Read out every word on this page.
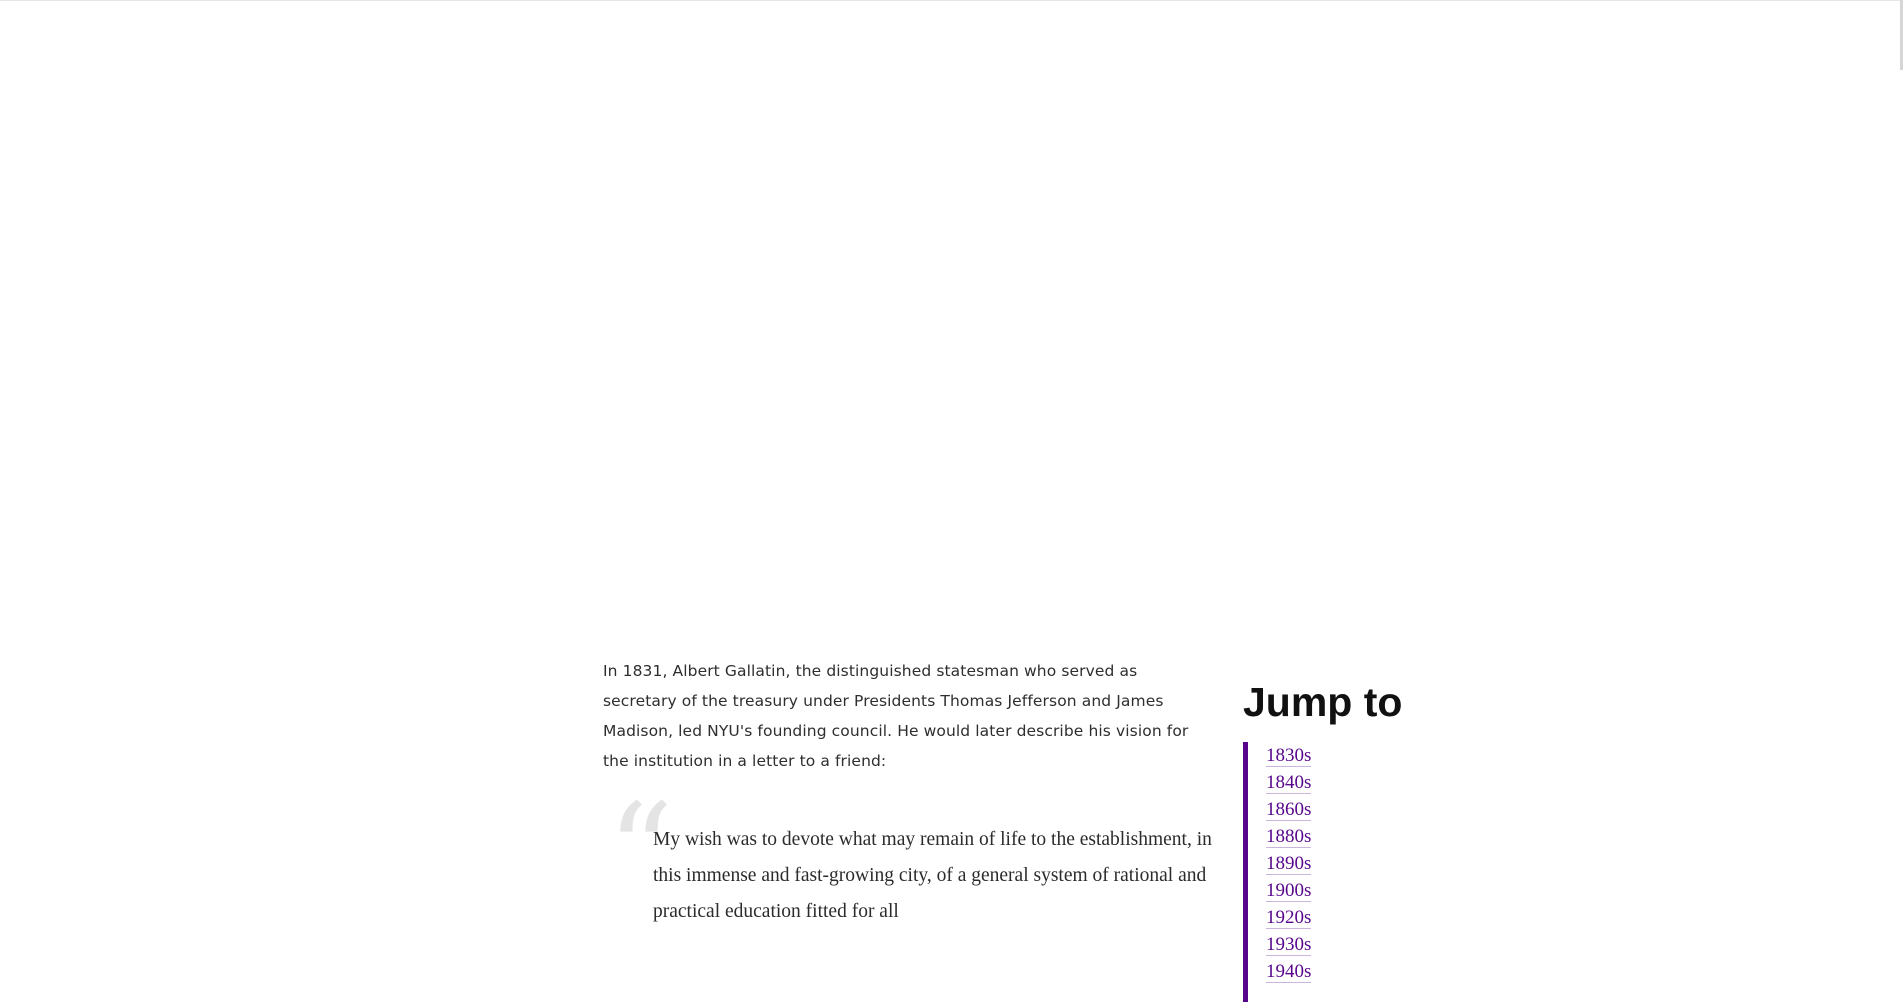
In 1831, Albert Gallatin, the distinguished statesman who served as secretary of the treasury under Presidents Thomas Jefferson and James Madison, led NYU's founding council. He would later describe his vision for the institution in a letter to a friend:

“

My wish was to devote what may remain of life to the establishment, in this immense and fast-growing city, of a general system of rational and practical education fitted for all

Jump to
1830s
1840s
1860s
1880s
1890s
1900s
1920s
1930s
1940s
